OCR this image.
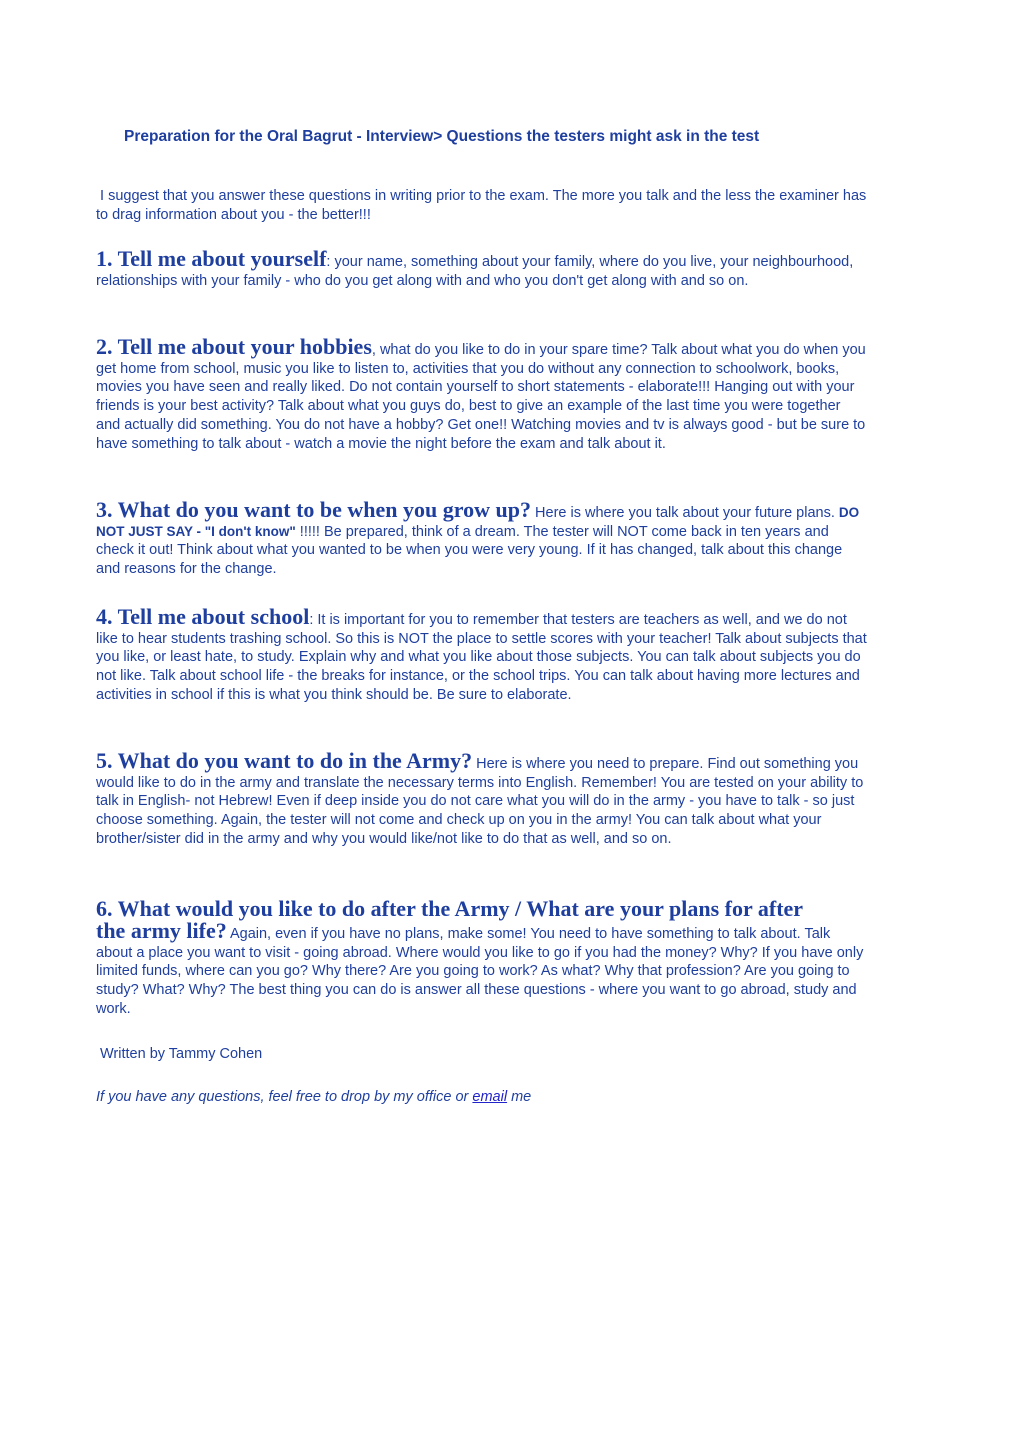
Preparation for the Oral Bagrut - Interview> Questions the testers might ask in the test
I suggest that you answer these questions in writing prior to the exam. The more you talk and the less the examiner has to drag information about you - the better!!!
1. Tell me about yourself: your name, something about your family, where do you live, your neighbourhood, relationships with your family - who do you get along with and who you don't get along with and so on.
2. Tell me about your hobbies, what do you like to do in your spare time? Talk about what you do when you get home from school, music you like to listen to, activities that you do without any connection to schoolwork, books, movies you have seen and really liked. Do not contain yourself to short statements - elaborate!!! Hanging out with your friends is your best activity? Talk about what you guys do, best to give an example of the last time you were together and actually did something. You do not have a hobby? Get one!! Watching movies and tv is always good - but be sure to have something to talk about - watch a movie the night before the exam and talk about it.
3. What do you want to be when you grow up? Here is where you talk about your future plans. DO NOT JUST SAY - "I don't know" !!!!! Be prepared, think of a dream. The tester will NOT come back in ten years and check it out! Think about what you wanted to be when you were very young. If it has changed, talk about this change and reasons for the change.
4. Tell me about school: It is important for you to remember that testers are teachers as well, and we do not like to hear students trashing school. So this is NOT the place to settle scores with your teacher! Talk about subjects that you like, or least hate, to study. Explain why and what you like about those subjects. You can talk about subjects you do not like. Talk about school life - the breaks for instance, or the school trips. You can talk about having more lectures and activities in school if this is what you think should be. Be sure to elaborate.
5. What do you want to do in the Army? Here is where you need to prepare. Find out something you would like to do in the army and translate the necessary terms into English. Remember! You are tested on your ability to talk in English- not Hebrew! Even if deep inside you do not care what you will do in the army - you have to talk - so just choose something. Again, the tester will not come and check up on you in the army! You can talk about what your brother/sister did in the army and why you would like/not like to do that as well, and so on.
6. What would you like to do after the Army / What are your plans for after
the army life? Again, even if you have no plans, make some! You need to have something to talk about. Talk about a place you want to visit - going abroad. Where would you like to go if you had the money? Why? If you have only limited funds, where can you go? Why there? Are you going to work? As what? Why that profession? Are you going to study? What? Why? The best thing you can do is answer all these questions - where you want to go abroad, study and work.
Written by Tammy Cohen
If you have any questions, feel free to drop by my office or email me
